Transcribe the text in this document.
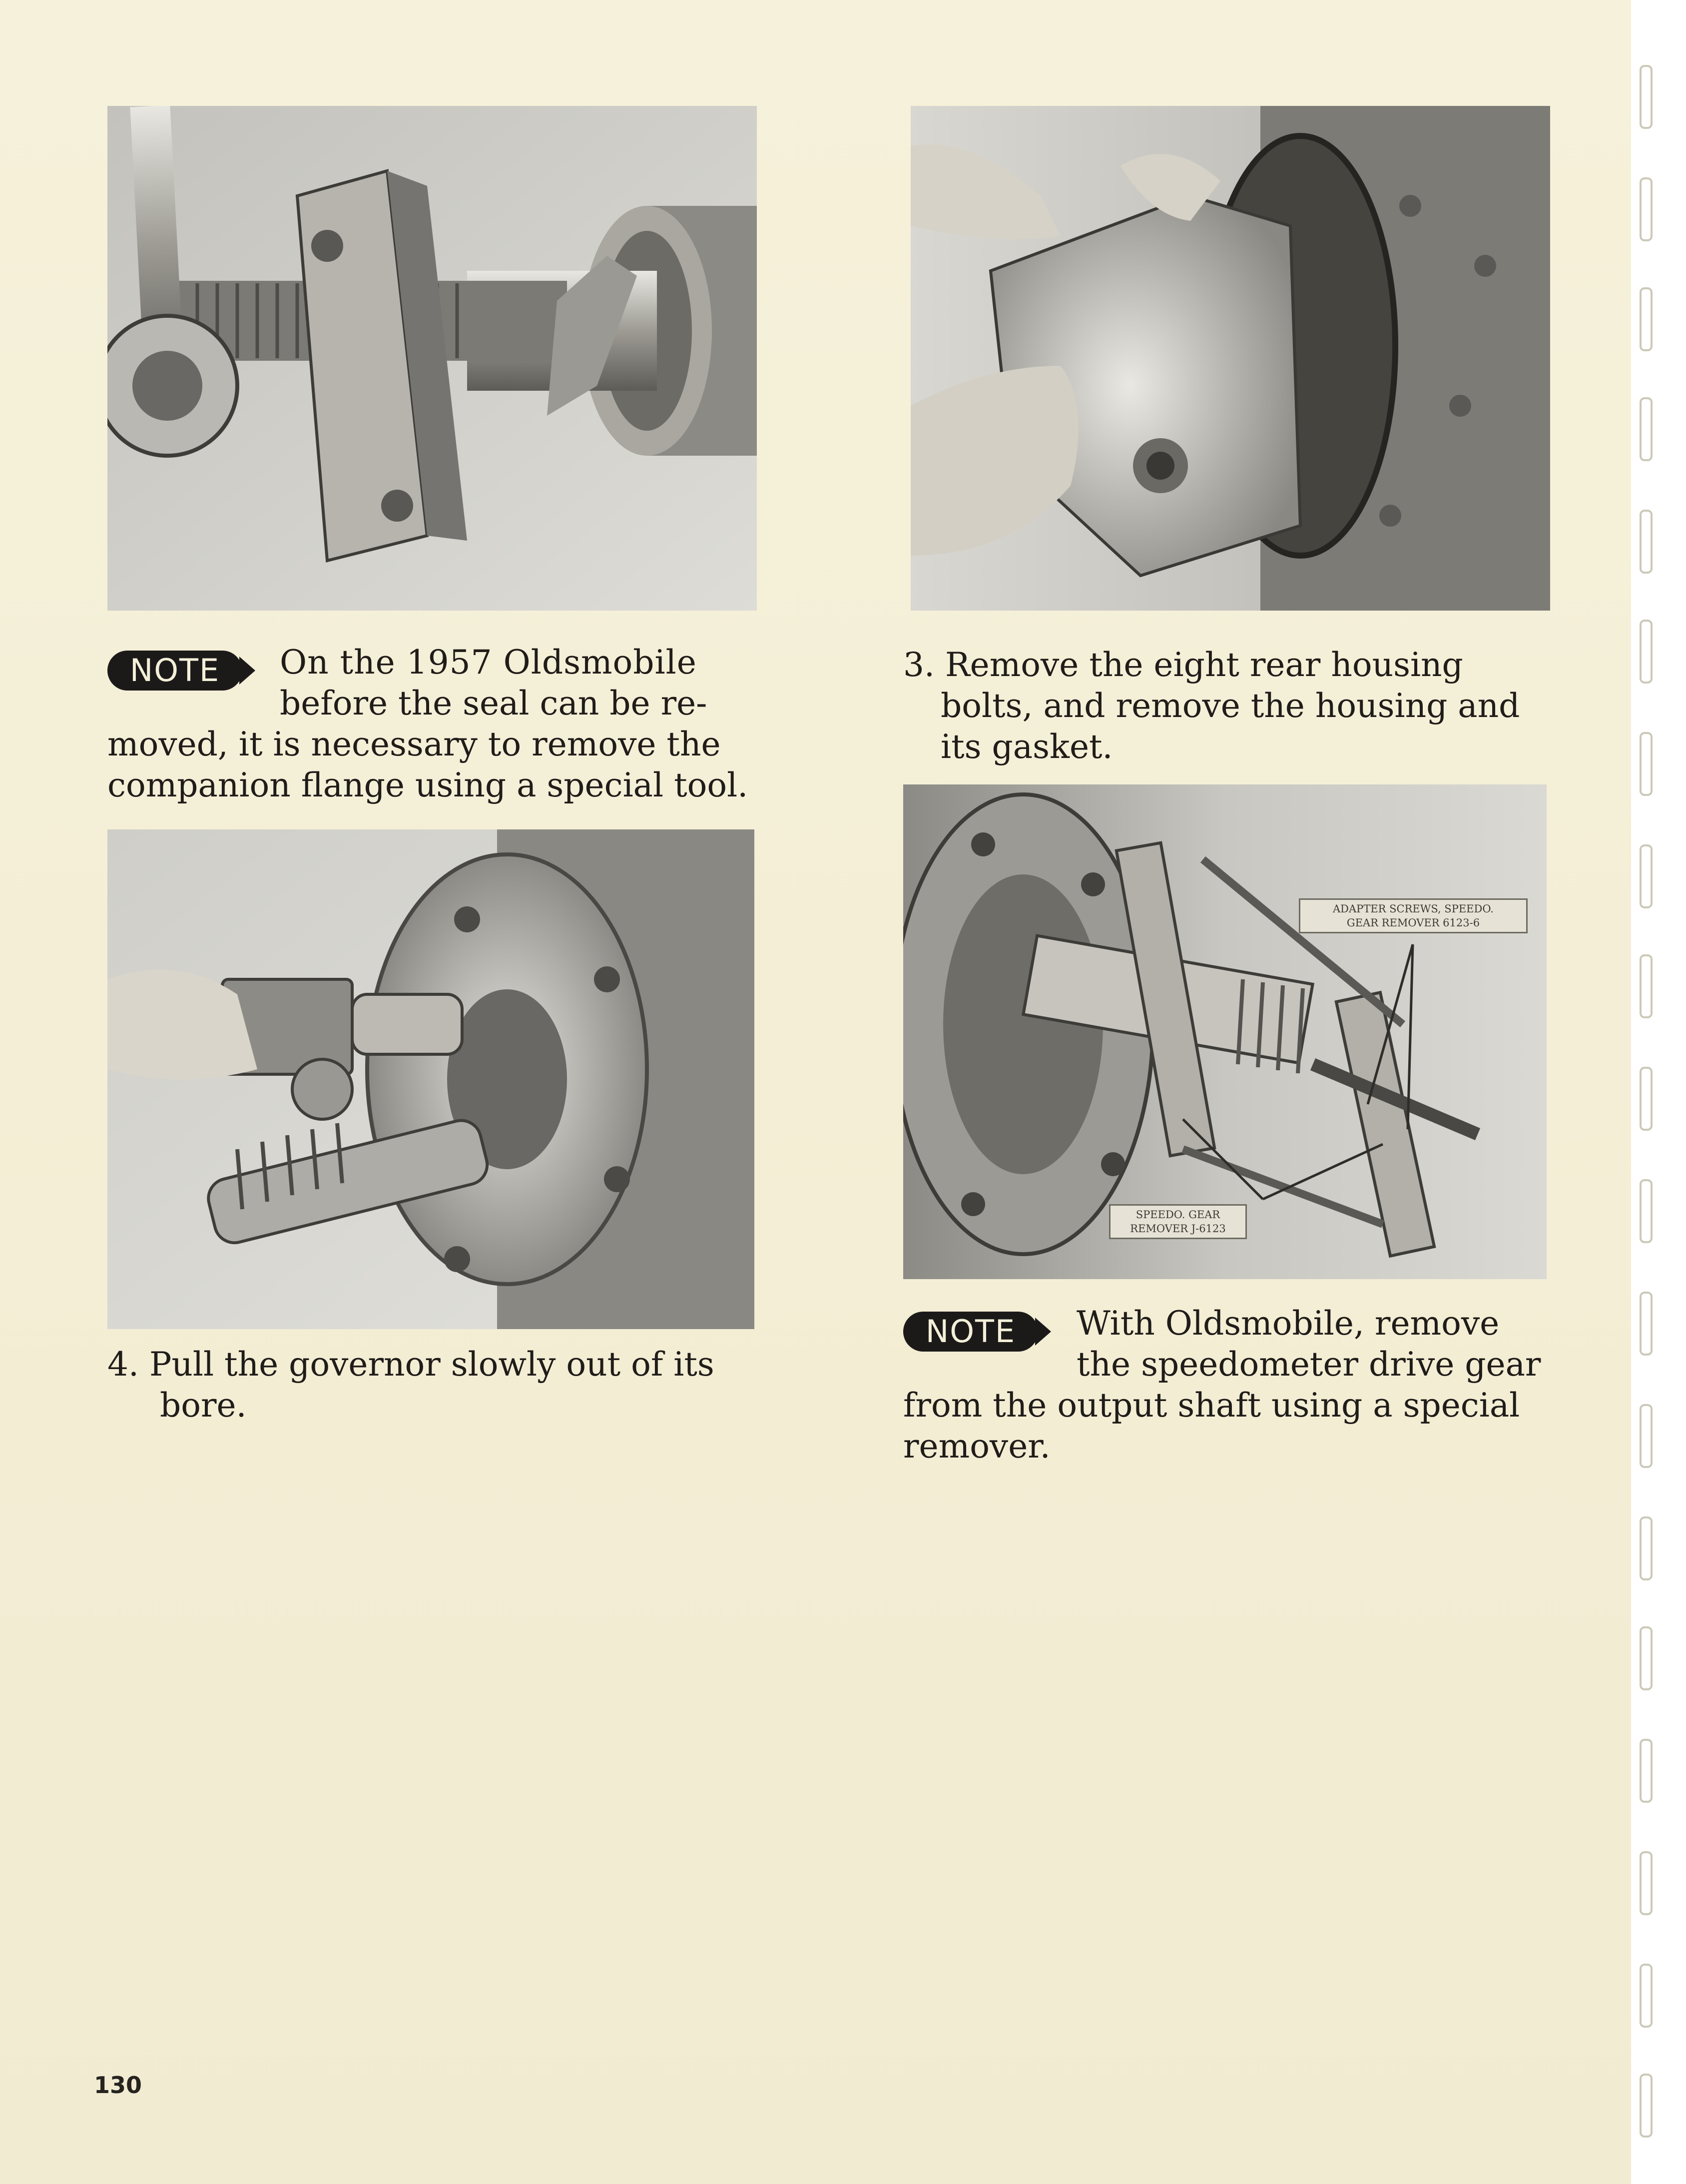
NOTE	On the 1957 Oldsmobile
before the seal can be re-
moved, it is necessary to remove the
companion flange using a special tool.
3. Remove the eight rear housing
bolts, and remove the housing and
its gasket.
ADAPTER SCREWS, SPEEDO.
GEAR REMOVER 6123-6
SPEEDO. GEAR
REMOVER J-6123
4. Pull the governor slowly out of its
bore.
NOTE	With Oldsmobile, remove
the speedometer drive gear
from the output shaft using a special
remover.
130
